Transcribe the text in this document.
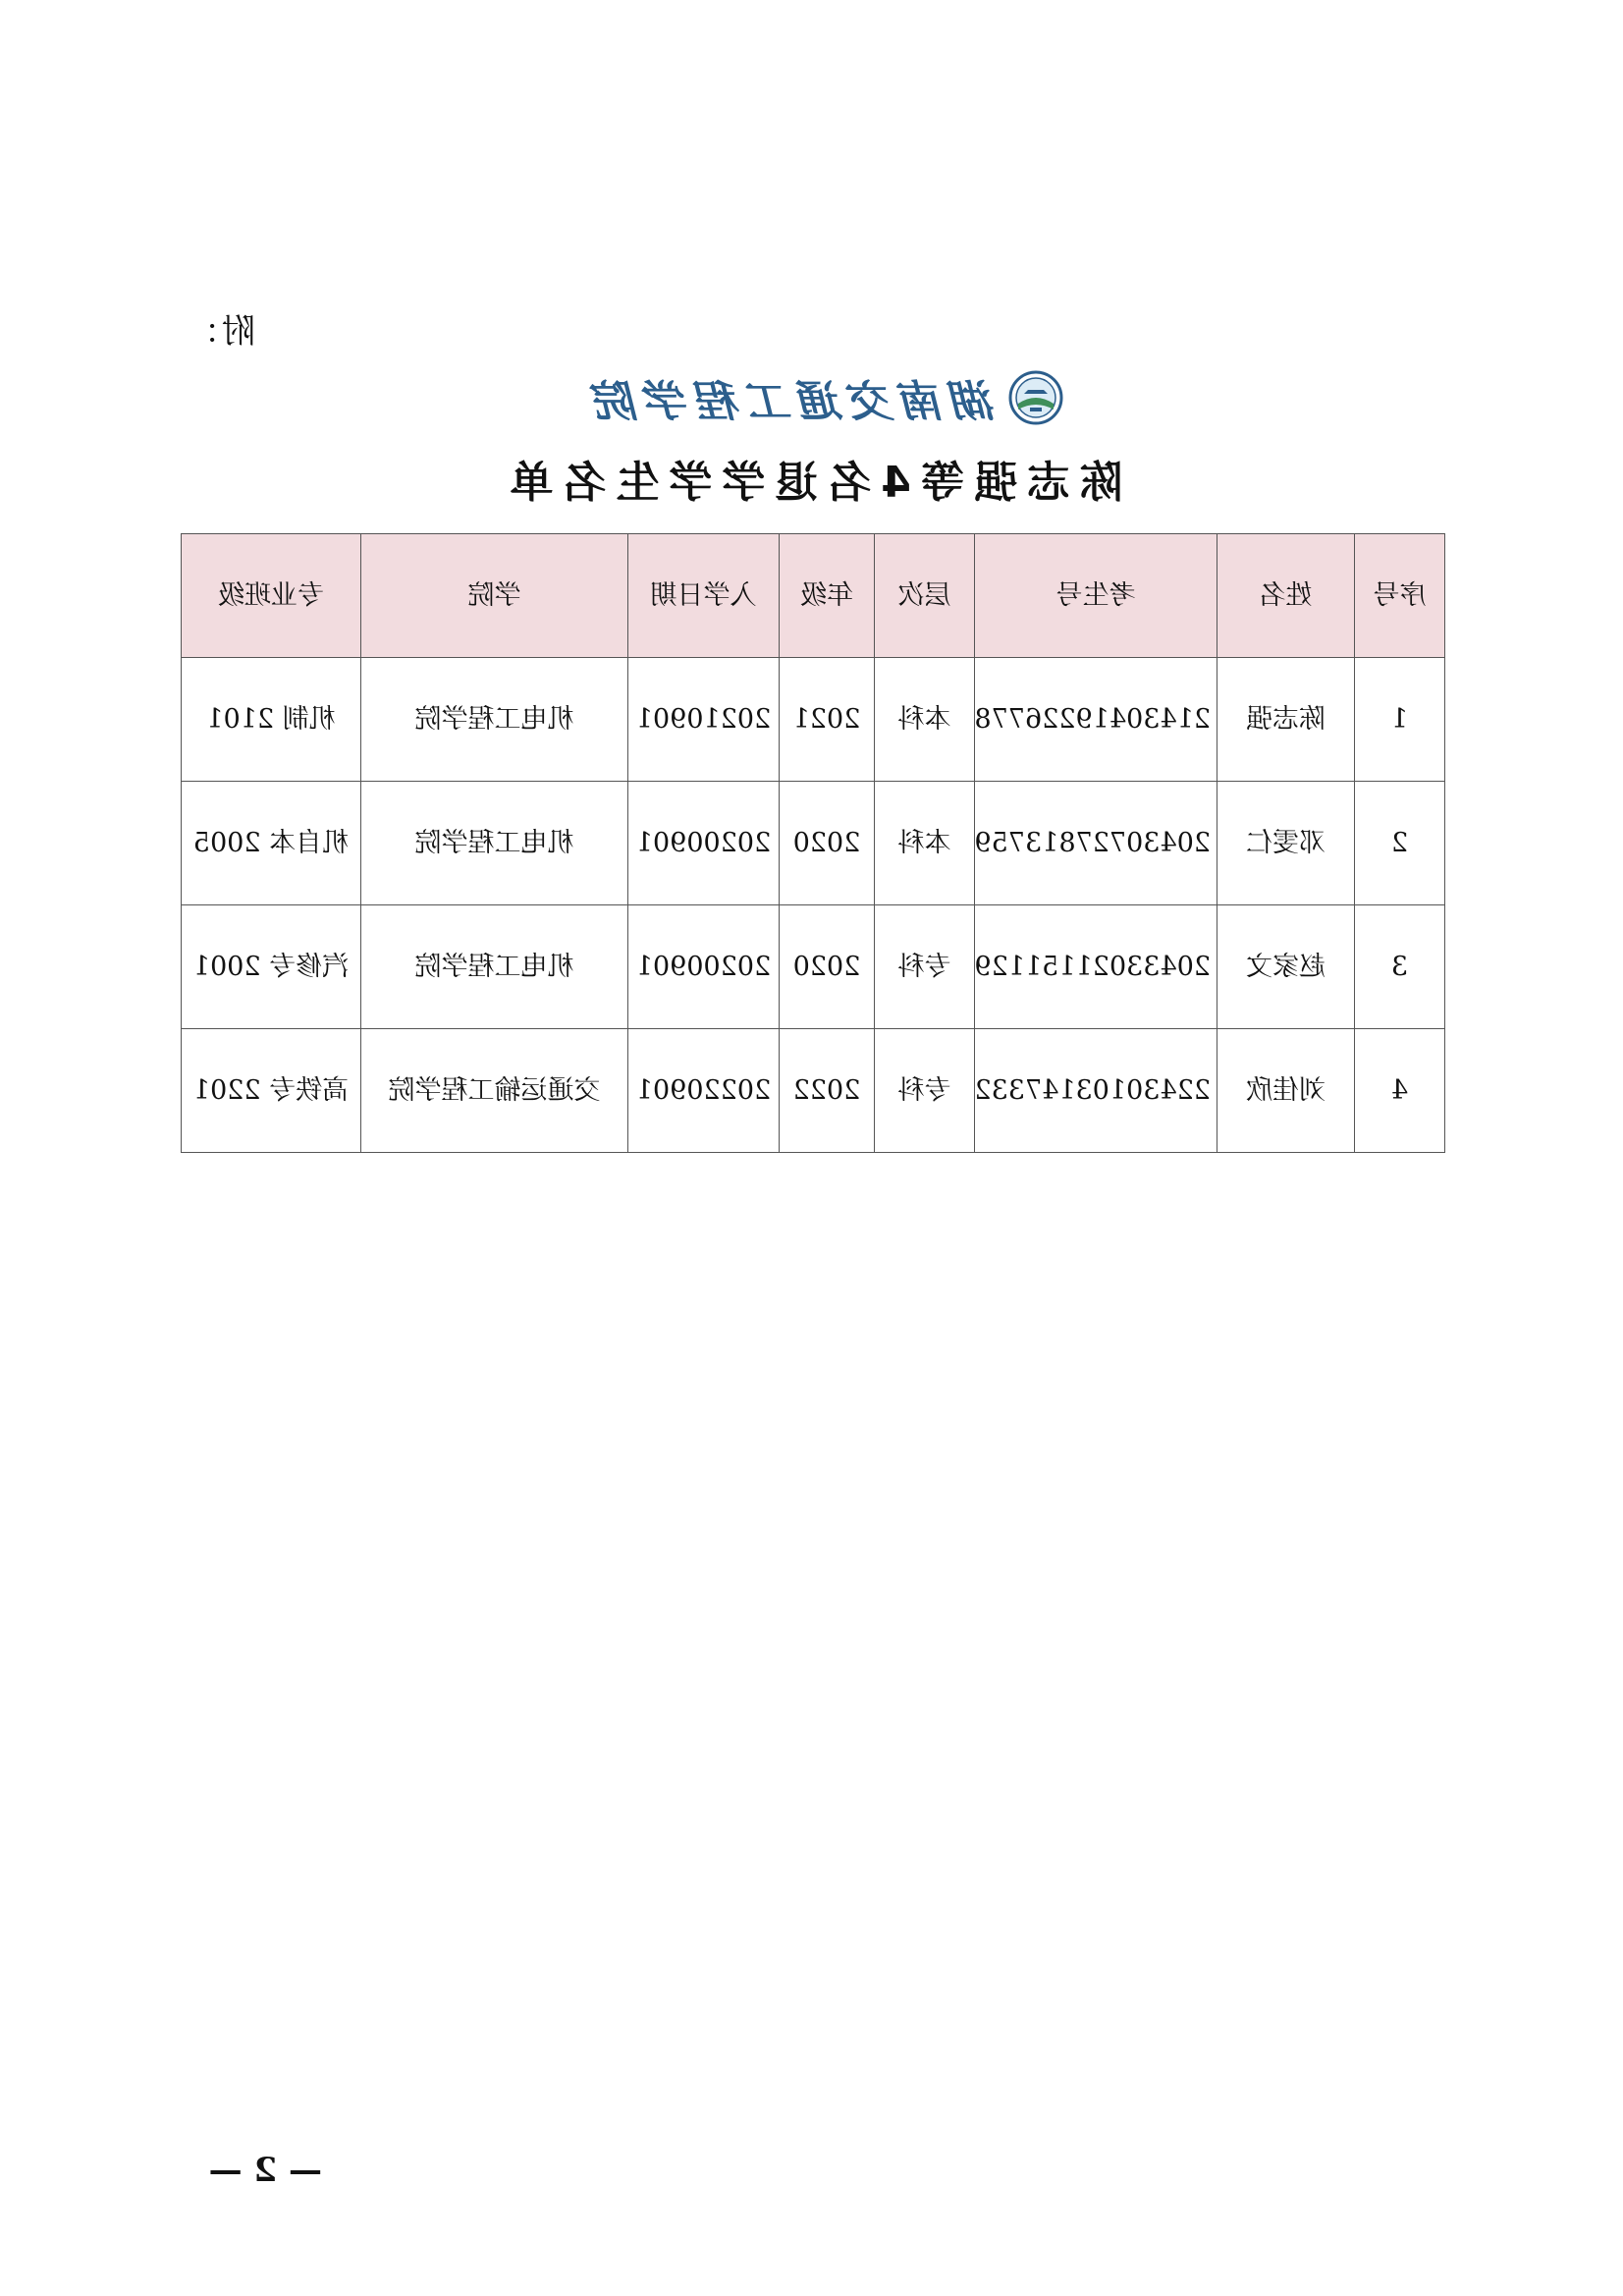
附：
湖南交通工程学院
陈志强等4名退学学生名单
序号	姓名	考生号	层次	年级	入学日期	学院	专业班级
1	陈志强	21430419226778	本科	2021	20210901	机电工程学院	机制 2101
2	邓雯仁	20430727813759	本科	2020	20200901	机电工程学院	机自本 2005
3	赵家文	20433021151129	专科	2020	20200901	机电工程学院	汽修专 2001
4	刘佳欣	22430103147332	专科	2022	20220901	交通运输工程学院	高铁专 2201
— 2 —
